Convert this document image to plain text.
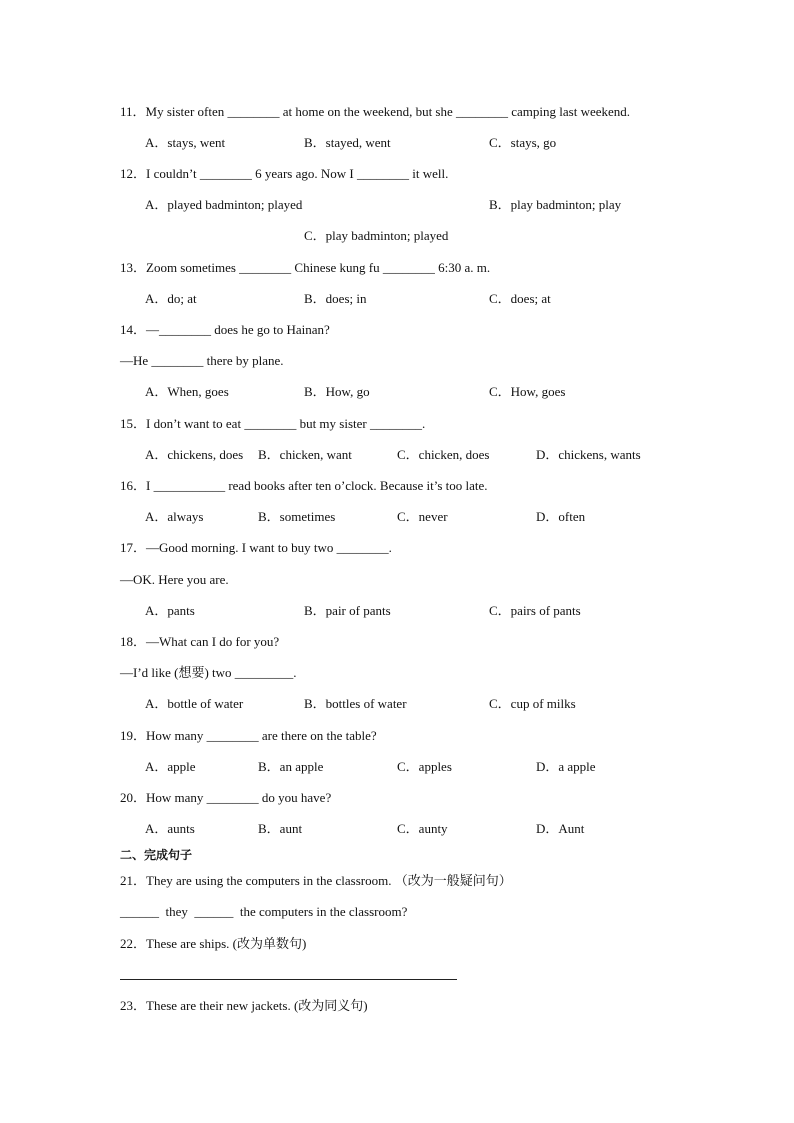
11．My sister often ________ at home on the weekend, but she ________ camping last weekend.
A．stays, went	B．stayed, went	C．stays, go
12．I couldn’t ________ 6 years ago. Now I ________ it well.
A．played badminton; played	B．play badminton; play
C．play badminton; played
13．Zoom sometimes ________ Chinese kung fu ________ 6:30 a. m.
A．do; at	B．does; in	C．does; at
14．—________ does he go to Hainan?
—He ________ there by plane.
A．When, goes	B．How, go	C．How, goes
15．I don’t want to eat ________ but my sister ________.
A．chickens, does B．chicken, want	C．chicken, does	D．chickens, wants
16．I ___________ read books after ten o’clock. Because it’s too late.
A．always	B．sometimes	C．never	D．often
17．—Good morning. I want to buy two ________.
—OK. Here you are.
A．pants	B．pair of pants	C．pairs of pants
18．—What can I do for you?
—I’d like (想要) two _________.
A．bottle of water	B．bottles of water	C．cup of milks
19．How many ________ are there on the table?
A．apple	B．an apple	C．apples	D．a apple
20．How many ________ do you have?
A．aunts	B．aunt	C．aunty	D．Aunt
二、完成句子
21．They are using the computers in the classroom. （改为一般疑问句）
______  they  ______  the computers in the classroom?
22．These are ships. (改为单数句)
23．These are their new jackets. (改为同义句)
